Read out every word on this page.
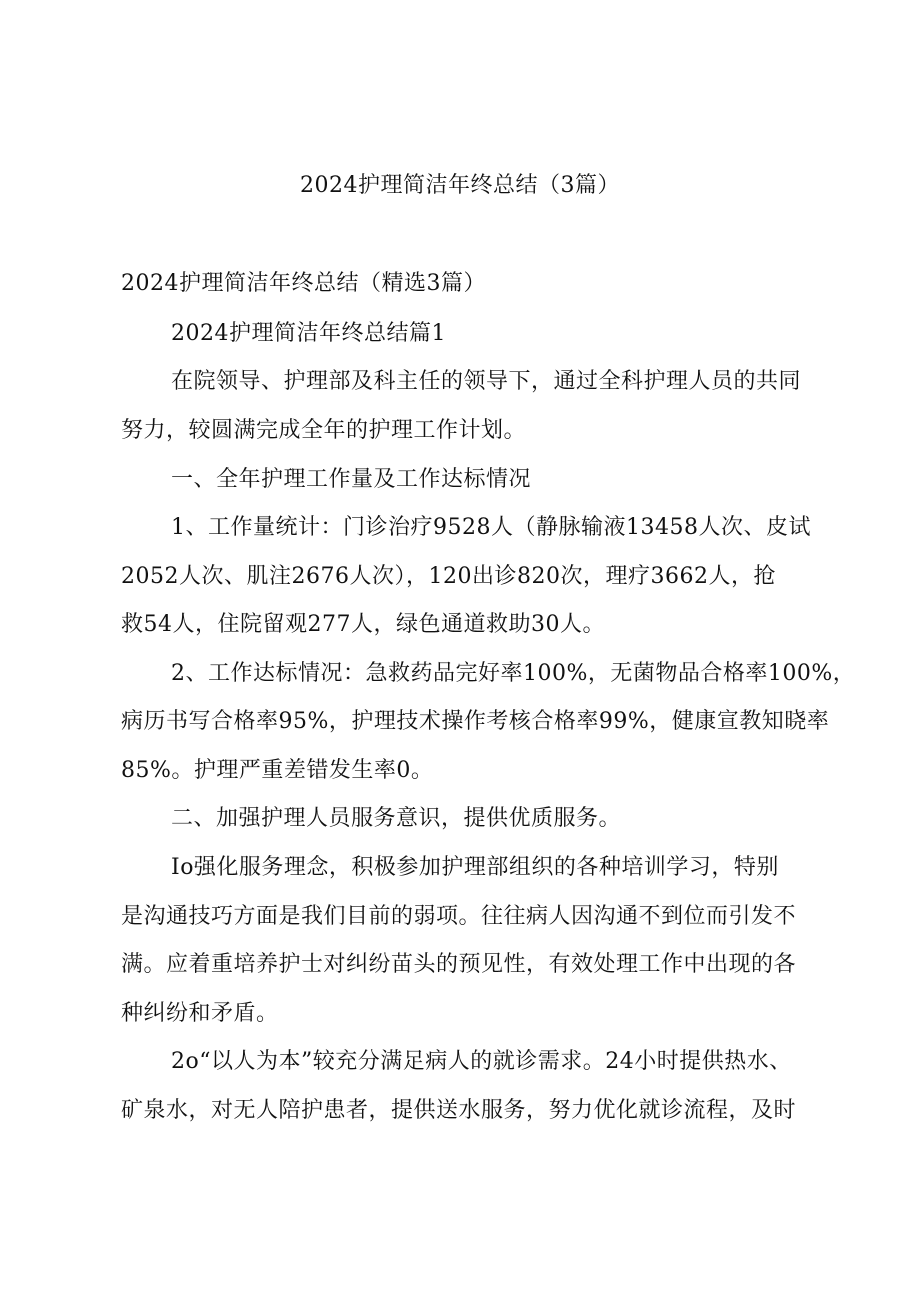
2024护理简洁年终总结（3篇）
2024护理简洁年终总结（精选3篇）
2024护理简洁年终总结篇1
在院领导、护理部及科主任的领导下，通过全科护理人员的共同
努力，较圆满完成全年的护理工作计划。
一、全年护理工作量及工作达标情况
1、工作量统计：门诊治疗9528人（静脉输液13458人次、皮试
2052人次、肌注2676人次），120出诊820次，理疗3662人，抢
救54人，住院留观277人，绿色通道救助30人。
2、工作达标情况：急救药品完好率100%，无菌物品合格率100%，
病历书写合格率95%，护理技术操作考核合格率99%，健康宣教知晓率
85%。护理严重差错发生率0。
二、加强护理人员服务意识，提供优质服务。
Io强化服务理念，积极参加护理部组织的各种培训学习，特别
是沟通技巧方面是我们目前的弱项。往往病人因沟通不到位而引发不
满。应着重培养护士对纠纷苗头的预见性，有效处理工作中出现的各
种纠纷和矛盾。
2o“以人为本”较充分满足病人的就诊需求。24小时提供热水、
矿泉水，对无人陪护患者，提供送水服务，努力优化就诊流程，及时
